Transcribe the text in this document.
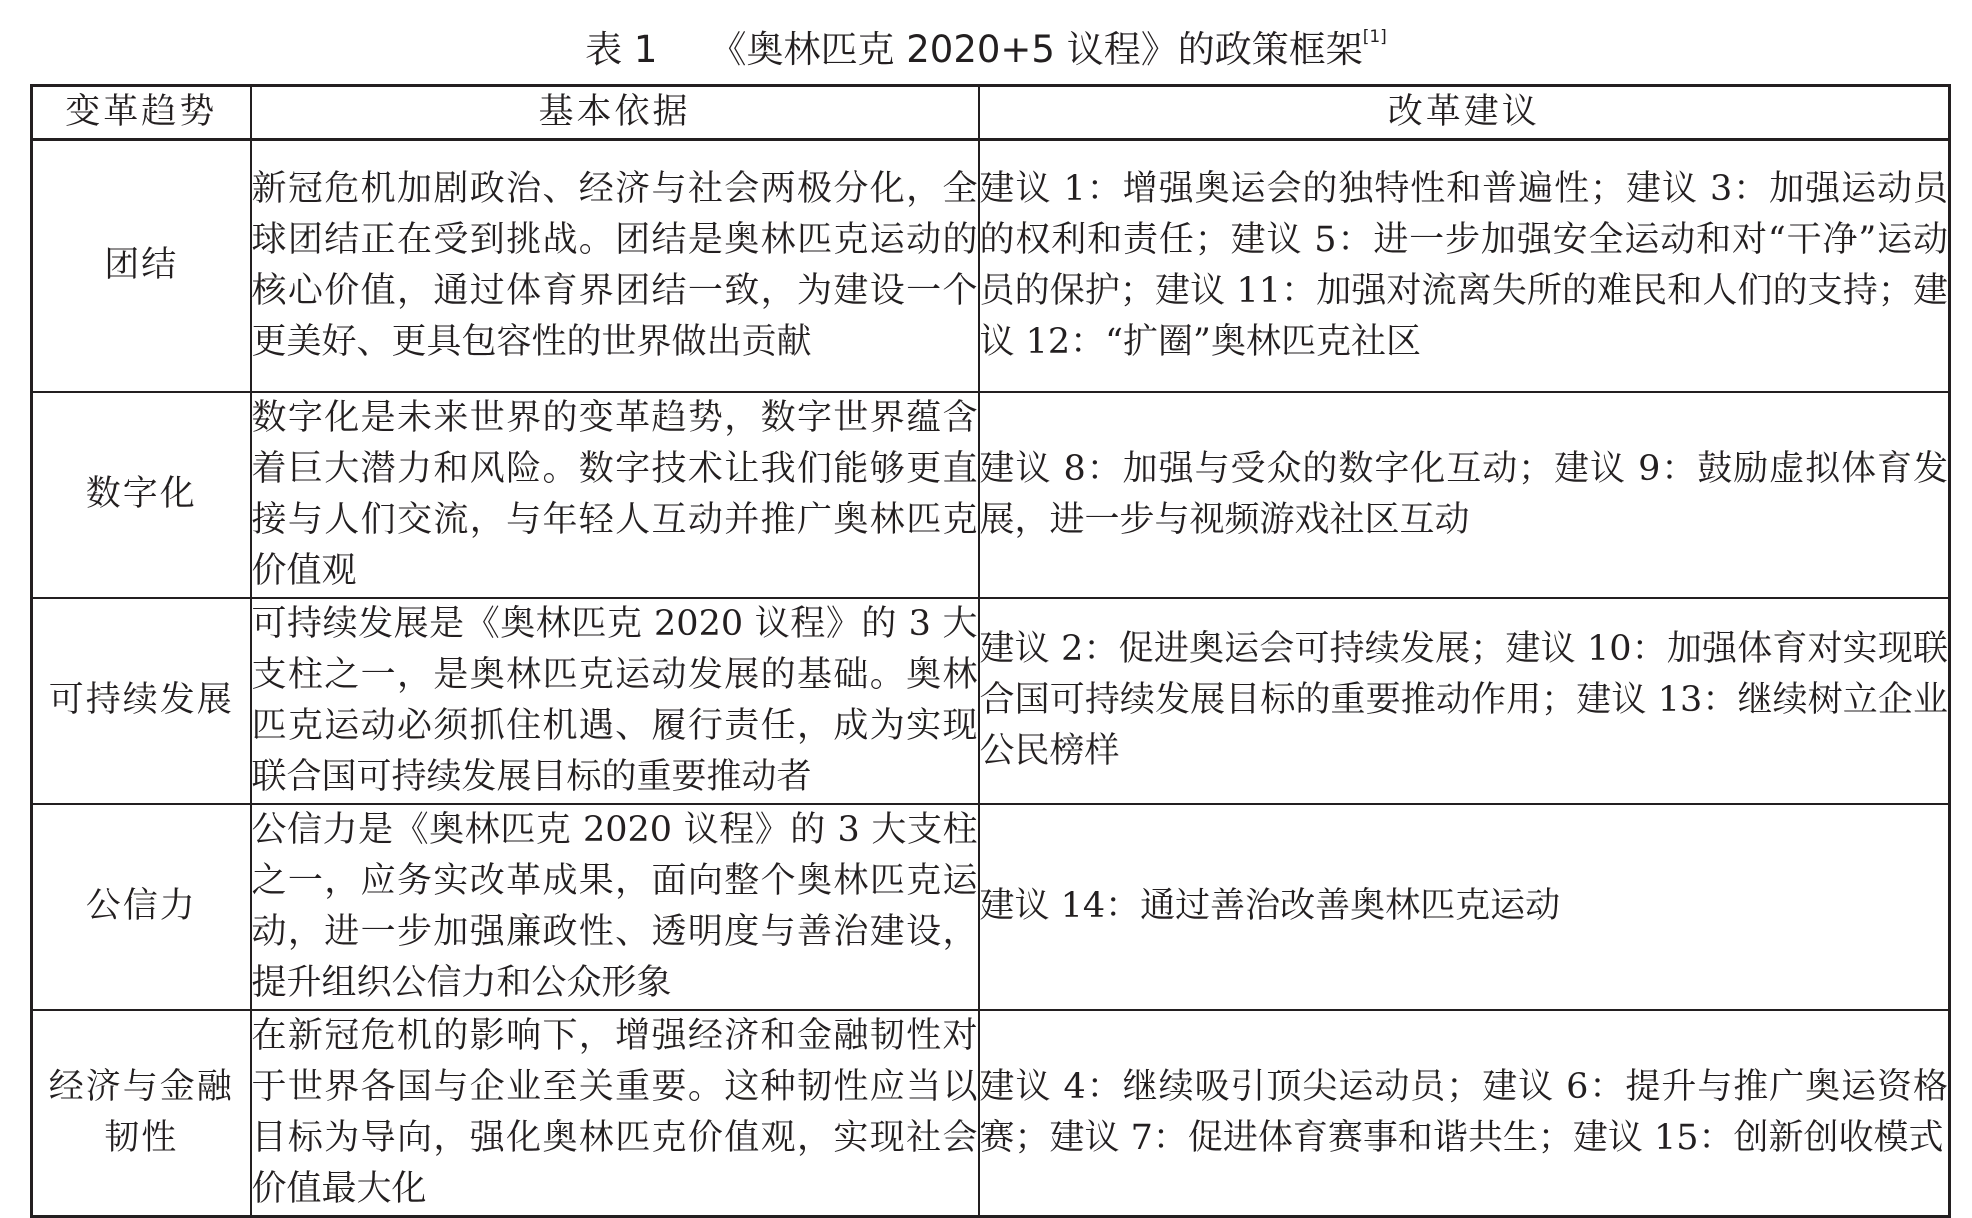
表 1 《奥林匹克 2020+5 议程》的政策框架[1]
变革趋势	基本依据	改革建议
团结	新冠危机加剧政治、经济与社会两极分化，全球团结正在受到挑战。团结是奥林匹克运动的核心价值，通过体育界团结一致，为建设一个更美好、更具包容性的世界做出贡献	建议 1：增强奥运会的独特性和普遍性；建议 3：加强运动员的权利和责任；建议 5：进一步加强安全运动和对“干净”运动员的保护；建议 11：加强对流离失所的难民和人们的支持；建议 12：“扩圈”奥林匹克社区
数字化	数字化是未来世界的变革趋势，数字世界蕴含着巨大潜力和风险。数字技术让我们能够更直接与人们交流，与年轻人互动并推广奥林匹克价值观	建议 8：加强与受众的数字化互动；建议 9：鼓励虚拟体育发展，进一步与视频游戏社区互动
可持续发展	可持续发展是《奥林匹克 2020 议程》的 3 大支柱之一，是奥林匹克运动发展的基础。奥林匹克运动必须抓住机遇、履行责任，成为实现联合国可持续发展目标的重要推动者	建议 2：促进奥运会可持续发展；建议 10：加强体育对实现联合国可持续发展目标的重要推动作用；建议 13：继续树立企业公民榜样
公信力	公信力是《奥林匹克 2020 议程》的 3 大支柱之一，应务实改革成果，面向整个奥林匹克运动，进一步加强廉政性、透明度与善治建设，提升组织公信力和公众形象	建议 14：通过善治改善奥林匹克运动
经济与金融韧性	在新冠危机的影响下，增强经济和金融韧性对于世界各国与企业至关重要。这种韧性应当以目标为导向，强化奥林匹克价值观，实现社会价值最大化	建议 4：继续吸引顶尖运动员；建议 6：提升与推广奥运资格赛；建议 7：促进体育赛事和谐共生；建议 15：创新创收模式
